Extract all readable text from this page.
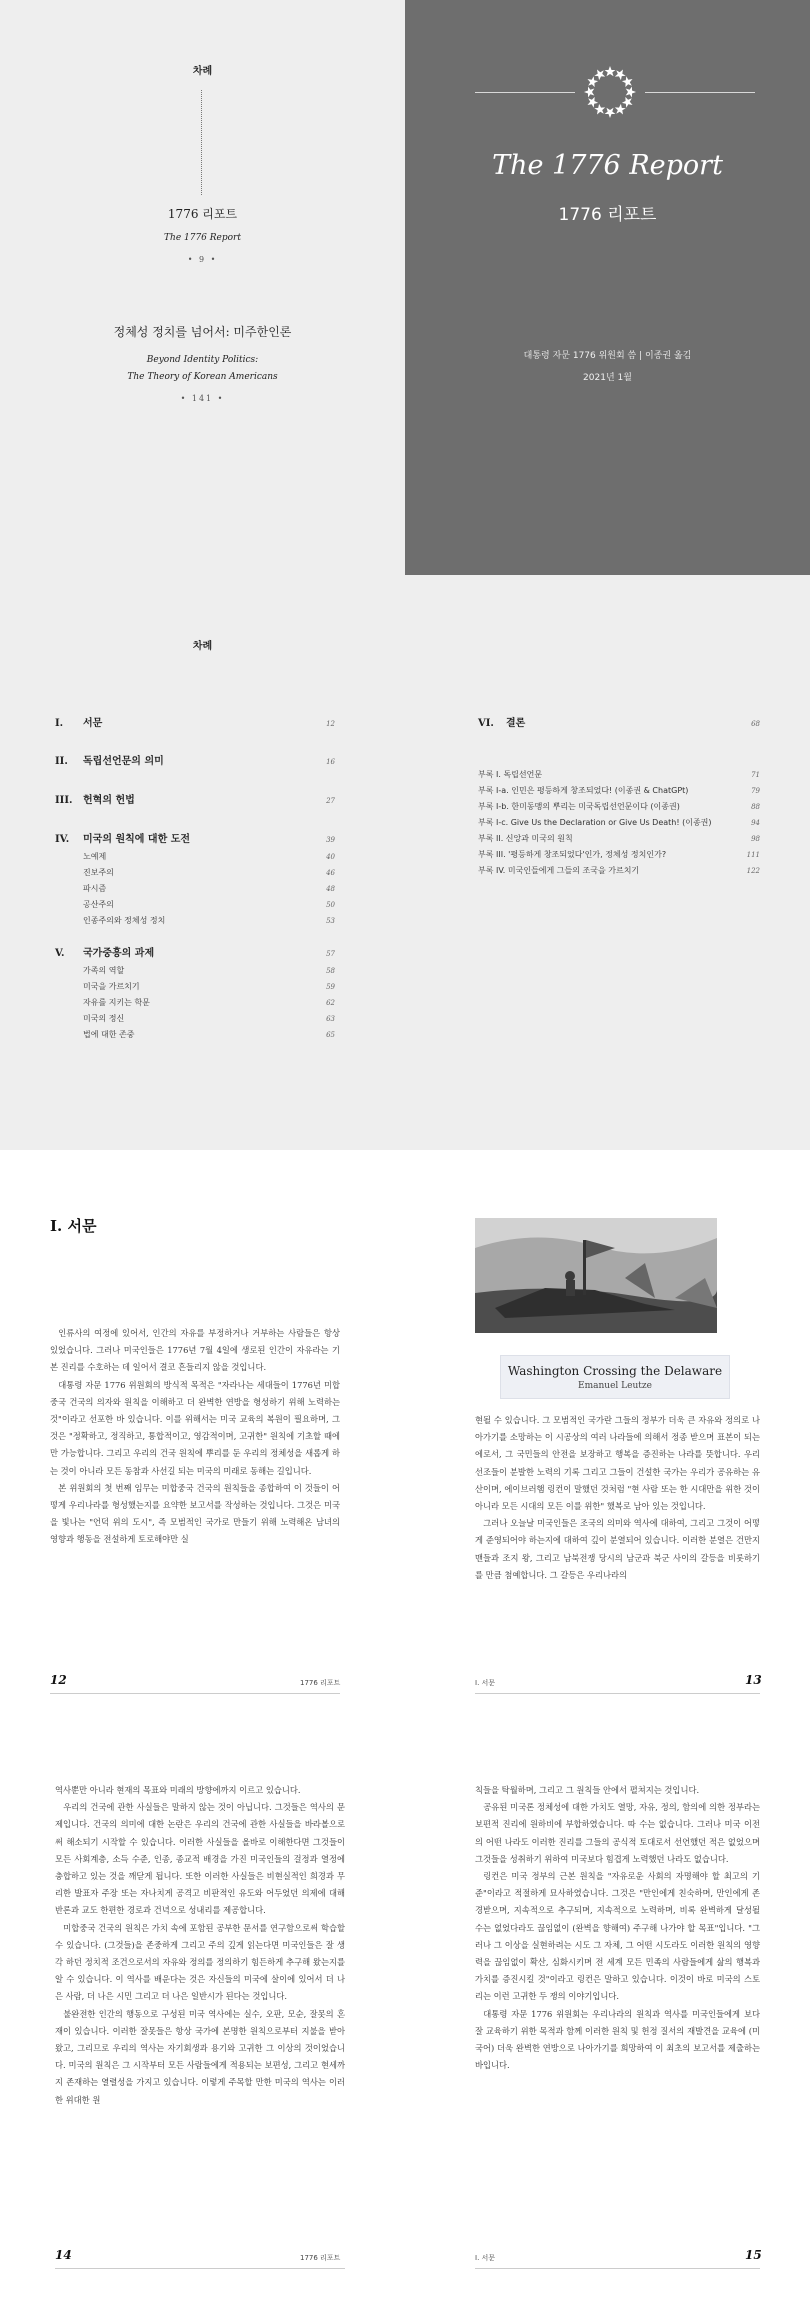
차례
1776 리포트
The 1776 Report
• 9 •
정체성 정치를 넘어서: 미주한인론
Beyond Identity Politics:
The Theory of Korean Americans
• 141 •
The 1776 Report
1776 리포트
대통령 자문 1776 위원회 씀 | 이종권 옮김
2021년 1월
차례
I.	서문	12
II.	독립선언문의 의미	16
III.	헌혁의 헌법	27
IV.	미국의 원칙에 대한 도전	39
노예제	40
진보주의	46
파시즘	48
공산주의	50
인종주의와 정체성 정치	53
V.	국가중흥의 과제	57
가족의 역할	58
미국을 가르치기	59
자유를 지키는 학문	62
미국의 정신	63
법에 대한 존중	65
VI.	결론	68
부록 I. 독립선언문	71
부록 I-a. 인민은 평등하게 창조되었다! (이종권 & ChatGPt)	79
부록 I-b. 한미동맹의 뿌리는 미국독립선언문이다 (이종권)	88
부록 I-c. Give Us the Declaration or Give Us Death! (이종권)	94
부록 II. 신앙과 미국의 원칙	98
부록 III. '평등하게 창조되었다'인가, 정체성 정치인가?	111
부록 IV. 미국인들에게 그들의 조국을 가르치기	122
I. 서문

인류사의 여정에 있어서, 인간의 자유를 부정하거나 거부하는 사람들은 항상 있었습니다. 그러나 미국인들은 1776년 7월 4일에 생로된 인간이 자유라는 기본 진리를 수호하는 데 일어서 결코 흔들리지 않을 것입니다.

대통령 자문 1776 위원회의 방식적 목적은 "자라나는 세대들이 1776년 미합중국 건국의 의자와 원칙을 이해하고 더 완벽한 연방을 형성하기 위해 노력하는 것"이라고 선포한 바 있습니다. 이를 위해서는 미국 교육의 복원이 필요하며, 그것은 "정확하고, 정직하고, 통합적이고, 영감적이며, 고귀한" 원칙에 기초할 때에만 가능합니다. 그리고 우리의 건국 원칙에 뿌리를 둔 우리의 정체성을 새롭게 하는 것이 아니라 모든 동참과 사선길 되는 미국의 미래로 동해는 길입니다.

본 위원회의 첫 번째 임무는 미합중국 건국의 원칙들을 종합하여 이 것들이 어떻게 우리나라를 형성했는지를 요약한 보고서를 작성하는 것입니다. 그것은 미국을 빛나는 "언덕 위의 도시", 즉 모범적인 국가로 만들기 위해 노력해온 남녀의 영향과 행동을 전설하게 토로해야만 실

Washington Crossing the Delaware
Emanuel Leutze

현될 수 있습니다. 그 모범적인 국가란 그들의 정부가 더욱 큰 자유와 정의로 나아가기를 소망하는 이 시공상의 여러 나라들에 의해서 정종 받으며 표본이 되는 에로서, 그 국민들의 안전을 보장하고 행복을 증진하는 나라를 뜻합니다. 우리 선조들이 분발한 노력의 기록 그리고 그들이 건설한 국가는 우리가 공유하는 유산이며, 에이브러햄 링컨이 말했던 것처럼 "현 사람 또는 한 시대만을 위한 것이 아니라 모든 시대의 모든 이를 위한" 했복로 남아 있는 것입니다.

그러나 오늘날 미국인들은 조국의 의미와 역사에 대하여, 그리고 그것이 어떻게 준영되어야 하는지에 대하여 깊이 분열되어 있습니다. 이러한 분열은 건만지맨들과 조지 왕, 그리고 남북전쟁 당시의 남군과 북군 사이의 갈등을 비롯하기를 만큼 첨예합니다. 그 갈등은 우리나라의

12	1776 리포트	I. 서문	13

역사뿐만 아니라 현재의 목표와 미래의 방향에까지 이르고 있습니다.

우리의 건국에 관한 사실들은 말하지 않는 것이 아닙니다. 그것들은 역사의 문제입니다. 건국의 의미에 대한 논란은 우리의 건국에 관한 사실들을 바라볼으로써 해소되기 시작할 수 있습니다. 이러한 사실들을 올바로 이해한다면 그것들이 모든 사회계층, 소득 수준, 인종, 종교적 배경을 가진 미국인들의 걸정과 열정에 충합하고 있는 것을 깨닫게 됩니다. 또한 이러한 사실들은 비현실적인 희경과 무리한 발표자 주장 또는 자나치게 공격고 비판적인 유도와 어두었던 의제에 대해 반론과 교도 한편한 경로과 건녁으로 성내리를 제공합니다.

미합중국 건국의 원칙은 가치 속에 포함된 공부한 문서를 연구함으로써 학습할 수 있습니다. (그것들)을 존중하게 그리고 주의 깊게 읽는다면 미국인들은 잘 생각 하던 정치적 조건으로서의 자유와 정의를 정의하기 힘든하게 추구해 왔는지를 알 수 있습니다. 이 역사를 배운다는 것은 자신들의 미국에 살이에 있어서 더 나은 사람, 더 나은 시민 그리고 더 나은 일반시가 된다는 것입니다.

불완전한 인간의 행동으로 구성된 미국 역사에는 실수, 오판, 모순, 잘못의 혼재이 있습니다. 이러한 잘못들은 항상 국가에 본명한 원칙으로부터 지불을 받아 왔고, 그리므로 우리의 역사는 자기회생과 용기와 고귀한 그 이상의 것이었습니다. 미국의 원칙은 그 시작부터 모든 사람들에게 적용되는 보편성, 그리고 현세까지 존재하는 열렬성을 가지고 있습니다. 이렇게 주목할 만한 미국의 역사는 이러한 위대한 원

칙들을 탁월하며, 그리고 그 원칙들 안에서 펼쳐지는 것입니다.

공유된 미국론 정체성에 대한 가치도 열망, 자유, 정의, 함의에 의한 정부라는 보편적 진리에 원하비에 부합하였습니다. 따 수는 없습니다. 그러나 미국 이전의 어떤 나라도 이러한 진리를 그들의 공식적 토대로서 선언했던 적은 없었으며 그것들을 성취하기 위하여 미국보다 힘겹게 노력했던 나라도 없습니다.

링컨은 미국 정부의 근본 원칙을 "자유로운 사회의 자명해야 할 최고의 기준"이라고 적절하게 묘사하였습니다. 그것은 "만인에게 친숙하며, 만인에게 존경받으며, 지속적으로 추구되며, 지속적으로 노력하며, 비록 완벽하게 달성될 수는 없었다라도 끊임없이 (완벽을 향해여) 주구해 나가야 할 목표"입니다. "그러나 그 이상을 실현하려는 시도 그 자체, 그 어떤 시도라도 이러한 원칙의 영향력을 끊임없이 확산, 심화시키며 전 세계 모든 민족의 사람들에게 삶의 행복과 가치를 증진시킬 것"이라고 링컨은 말하고 있습니다. 이것이 바로 미국의 스토리는 이런 고귀한 두 쟁의 이야기입니다.

대통령 자문 1776 위원회는 우리나라의 원칙과 역사를 미국인들에게 보다 잘 교육하기 위한 목적과 함께 이러한 원칙 및 헌정 질서의 재발견을 교육에 (미국어) 더욱 완벽한 연방으로 나아가기를 희망하여 이 최초의 보고서를 제출하는 바입니다.

14	1776 리포트	I. 서문	15
